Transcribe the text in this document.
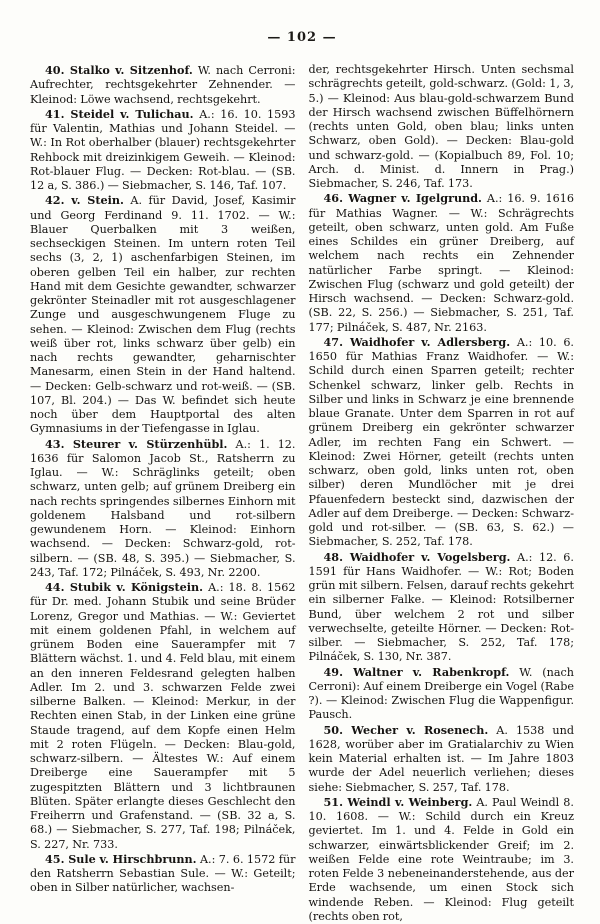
— 102 —

40. Stalko v. Sitzenhof. W. nach Cerroni: Aufrechter, rechtsgekehrter Zehnender. — Kleinod: Löwe wachsend, rechtsgekehrt.

41. Steidel v. Tulichau. A.: 16. 10. 1593 für Valentin, Mathias und Johann Steidel. — W.: In Rot oberhalber (blauer) rechtsgekehrter Rehbock mit dreizinkigem Geweih. — Kleinod: Rot-blauer Flug. — Decken: Rot-blau. — (SB. 12 a, S. 386.) — Siebmacher, S. 146, Taf. 107.

42. v. Stein. A. für David, Josef, Kasimir und Georg Ferdinand 9. 11. 1702. — W.: Blauer Querbalken mit 3 weißen, sechseckigen Steinen. Im untern roten Teil sechs (3, 2, 1) aschenfarbigen Steinen, im oberen gelben Teil ein halber, zur rechten Hand mit dem Gesichte gewandter, schwarzer gekrönter Steinadler mit rot ausgeschlagener Zunge und ausgeschwungenem Fluge zu sehen. — Kleinod: Zwischen dem Flug (rechts weiß über rot, links schwarz über gelb) ein nach rechts gewandter, geharnischter Manesarm, einen Stein in der Hand haltend. — Decken: Gelb-schwarz und rot-weiß. — (SB. 107, Bl. 204.) — Das W. befindet sich heute noch über dem Hauptportal des alten Gymnasiums in der Tiefengasse in Iglau.

43. Steurer v. Stürzenhübl. A.: 1. 12. 1636 für Salomon Jacob St., Ratsherrn zu Iglau. — W.: Schräglinks geteilt; oben schwarz, unten gelb; auf grünem Dreiberg ein nach rechts springendes silbernes Einhorn mit goldenem Halsband und rot-silbern gewundenem Horn. — Kleinod: Einhorn wachsend. — Decken: Schwarz-gold, rot-silbern. — (SB. 48, S. 395.) — Siebmacher, S. 243, Taf. 172; Pilnáček, S. 493, Nr. 2200.

44. Stubik v. Königstein. A.: 18. 8. 1562 für Dr. med. Johann Stubik und seine Brüder Lorenz, Gregor und Mathias. — W.: Geviertet mit einem goldenen Pfahl, in welchem auf grünem Boden eine Sauerampfer mit 7 Blättern wächst. 1. und 4. Feld blau, mit einem an den inneren Feldesrand gelegten halben Adler. Im 2. und 3. schwarzen Felde zwei silberne Balken. — Kleinod: Merkur, in der Rechten einen Stab, in der Linken eine grüne Staude tragend, auf dem Kopfe einen Helm mit 2 roten Flügeln. — Decken: Blau-gold, schwarz-silbern. — Ältestes W.: Auf einem Dreiberge eine Sauerampfer mit 5 zugespitzten Blättern und 3 lichtbraunen Blüten. Später erlangte dieses Geschlecht den Freiherrn und Grafenstand. — (SB. 32 a, S. 68.) — Siebmacher, S. 277, Taf. 198; Pilnáček, S. 227, Nr. 733.

45. Sule v. Hirschbrunn. A.: 7. 6. 1572 für den Ratsherrn Sebastian Sule. — W.: Geteilt; oben in Silber natürlicher, wachsen-

der, rechtsgekehrter Hirsch. Unten sechsmal schrägrechts geteilt, gold-schwarz. (Gold: 1, 3, 5.) — Kleinod: Aus blau-gold-schwarzem Bund der Hirsch wachsend zwischen Büffelhörnern (rechts unten Gold, oben blau; links unten Schwarz, oben Gold). — Decken: Blau-gold und schwarz-gold. — (Kopialbuch 89, Fol. 10; Arch. d. Minist. d. Innern in Prag.) Siebmacher, S. 246, Taf. 173.

46. Wagner v. Igelgrund. A.: 16. 9. 1616 für Mathias Wagner. — W.: Schrägrechts geteilt, oben schwarz, unten gold. Am Fuße eines Schildes ein grüner Dreiberg, auf welchem nach rechts ein Zehnender natürlicher Farbe springt. — Kleinod: Zwischen Flug (schwarz und gold geteilt) der Hirsch wachsend. — Decken: Schwarz-gold. (SB. 22, S. 256.) — Siebmacher, S. 251, Taf. 177; Pilnáček, S. 487, Nr. 2163.

47. Waidhofer v. Adlersberg. A.: 10. 6. 1650 für Mathias Franz Waidhofer. — W.: Schild durch einen Sparren geteilt; rechter Schenkel schwarz, linker gelb. Rechts in Silber und links in Schwarz je eine brennende blaue Granate. Unter dem Sparren in rot auf grünem Dreiberg ein gekrönter schwarzer Adler, im rechten Fang ein Schwert. — Kleinod: Zwei Hörner, geteilt (rechts unten schwarz, oben gold, links unten rot, oben silber) deren Mundlöcher mit je drei Pfauenfedern besteckt sind, dazwischen der Adler auf dem Dreiberge. — Decken: Schwarz-gold und rot-silber. — (SB. 63, S. 62.) — Siebmacher, S. 252, Taf. 178.

48. Waidhofer v. Vogelsberg. A.: 12. 6. 1591 für Hans Waidhofer. — W.: Rot; Boden grün mit silbern. Felsen, darauf rechts gekehrt ein silberner Falke. — Kleinod: Rotsilberner Bund, über welchem 2 rot und silber verwechselte, geteilte Hörner. — Decken: Rot-silber. — Siebmacher, S. 252, Taf. 178; Pilnáček, S. 130, Nr. 387.

49. Waltner v. Rabenkropf. W. (nach Cerroni): Auf einem Dreiberge ein Vogel (Rabe ?). — Kleinod: Zwischen Flug die Wappenfigur. Pausch.

50. Wecher v. Rosenech. A. 1538 und 1628, worüber aber im Gratialarchiv zu Wien kein Material erhalten ist. — Im Jahre 1803 wurde der Adel neuerlich verliehen; dieses siehe: Siebmacher, S. 257, Taf. 178.

51. Weindl v. Weinberg. A. Paul Weindl 8. 10. 1608. — W.: Schild durch ein Kreuz geviertet. Im 1. und 4. Felde in Gold ein schwarzer, einwärtsblickender Greif; im 2. weißen Felde eine rote Weintraube; im 3. roten Felde 3 nebeneinanderstehende, aus der Erde wachsende, um einen Stock sich windende Reben. — Kleinod: Flug geteilt (rechts oben rot,
